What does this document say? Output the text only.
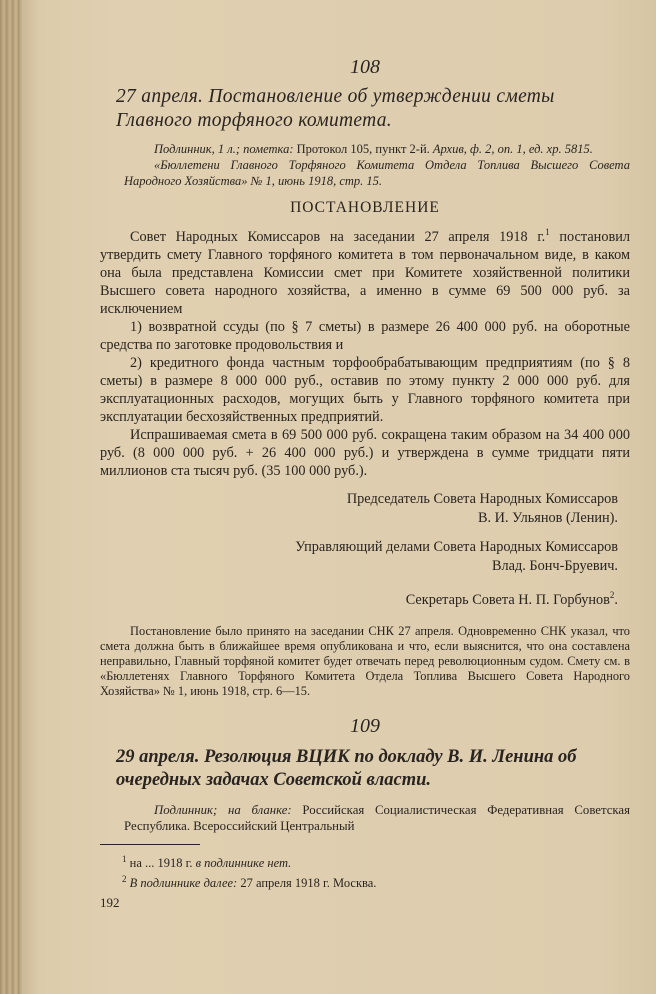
108
27 апреля. Постановление об утверждении сметы Главного торфяного комитета.

Подлинник, 1 л.; пометка: Протокол 105, пункт 2-й. Архив, ф. 2, оп. 1, ед. хр. 5815.

«Бюллетени Главного Торфяного Комитета Отдела Топлива Высшего Совета Народного Хозяйства» № 1, июнь 1918, стр. 15.

ПОСТАНОВЛЕНИЕ

Совет Народных Комиссаров на заседании 27 апреля 1918 г.$^1$ постановил утвердить смету Главного торфяного комитета в том первоначальном виде, в каком она была представлена Комиссии смет при Комитете хозяйственной политики Высшего совета народного хозяйства, а именно в сумме 69 500 000 руб. за исключением

1) возвратной ссуды (по § 7 сметы) в размере 26 400 000 руб. на оборотные средства по заготовке продовольствия и

2) кредитного фонда частным торфообрабатывающим предприятиям (по § 8 сметы) в размере 8 000 000 руб., оставив по этому пункту 2 000 000 руб. для эксплуатационных расходов, могущих быть у Главного торфяного комитета при эксплуатации бесхозяйственных предприятий.

Испрашиваемая смета в 69 500 000 руб. сокращена таким образом на 34 400 000 руб. (8 000 000 руб. + 26 400 000 руб.) и утверждена в сумме тридцати пяти миллионов ста тысяч руб. (35 100 000 руб.).

Председатель Совета Народных Комиссаров
В. И. Ульянов (Ленин).
Управляющий делами Совета Народных Комиссаров
Влад. Бонч-Бруевич.
Секретарь Совета Н. П. Горбунов$^2$.

Постановление было принято на заседании СНК 27 апреля. Одновременно СНК указал, что смета должна быть в ближайшее время опубликована и что, если выяснится, что она составлена неправильно, Главный торфяной комитет будет отвечать перед революционным судом. Смету см. в «Бюллетенях Главного Торфяного Комитета Отдела Топлива Высшего Совета Народного Хозяйства» № 1, июнь 1918, стр. 6—15.

109
29 апреля. Резолюция ВЦИК по докладу В. И. Ленина об очередных задачах Советской власти.

Подлинник; на бланке: Российская Социалистическая Федеративная Советская Республика. Всероссийский Центральный

$^1$ на ... 1918 г. в подлиннике нет.
$^2$ В подлиннике далее: 27 апреля 1918 г. Москва.
192
